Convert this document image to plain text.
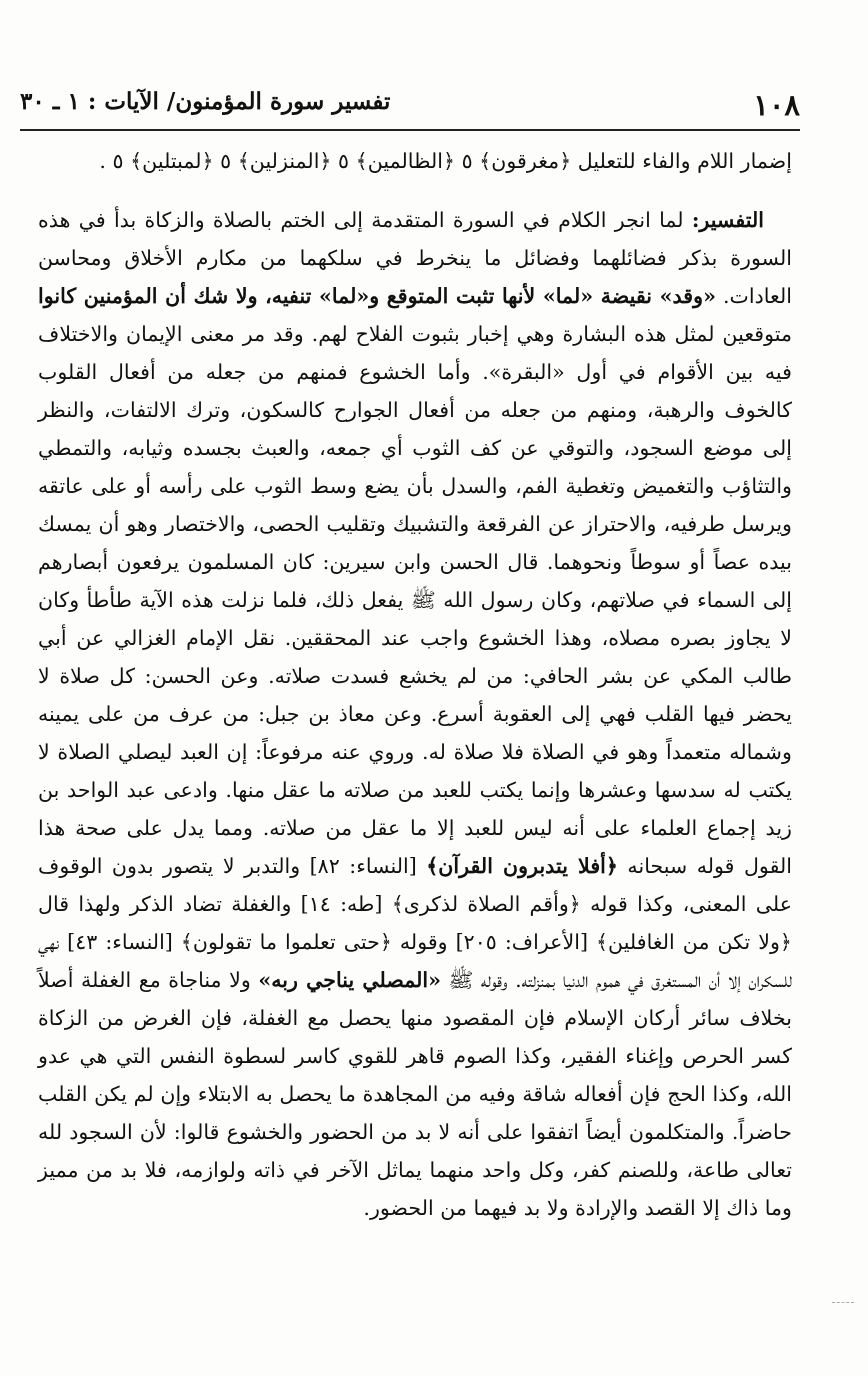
١٠٨
تفسير سورة المؤمنون/ الآيات : ١ ـ ٣٠

إضمار اللام والفاء للتعليل ﴿مغرقون﴾ ٥ ﴿الظالمين﴾ ٥ ﴿المنزلين﴾ ٥ ﴿لمبتلين﴾ ٥ .

التفسير: لما انجر الكلام في السورة المتقدمة إلى الختم بالصلاة والزكاة بدأ في هذه السورة بذكر فضائلهما وفضائل ما ينخرط في سلكهما من مكارم الأخلاق ومحاسن العادات. «وقد» نقيضة «لما» لأنها تثبت المتوقع و«لما» تنفيه، ولا شك أن المؤمنين كانوا متوقعين لمثل هذه البشارة وهي إخبار بثبوت الفلاح لهم. وقد مر معنى الإيمان والاختلاف فيه بين الأقوام في أول «البقرة». وأما الخشوع فمنهم من جعله من أفعال القلوب كالخوف والرهبة، ومنهم من جعله من أفعال الجوارح كالسكون، وترك الالتفات، والنظر إلى موضع السجود، والتوقي عن كف الثوب أي جمعه، والعبث بجسده وثيابه، والتمطي والتثاؤب والتغميض وتغطية الفم، والسدل بأن يضع وسط الثوب على رأسه أو على عاتقه ويرسل طرفيه، والاحتراز عن الفرقعة والتشبيك وتقليب الحصى، والاختصار وهو أن يمسك بيده عصاً أو سوطاً ونحوهما. قال الحسن وابن سيرين: كان المسلمون يرفعون أبصارهم إلى السماء في صلاتهم، وكان رسول الله ﷺ يفعل ذلك، فلما نزلت هذه الآية طأطأ وكان لا يجاوز بصره مصلاه، وهذا الخشوع واجب عند المحققين. نقل الإمام الغزالي عن أبي طالب المكي عن بشر الحافي: من لم يخشع فسدت صلاته. وعن الحسن: كل صلاة لا يحضر فيها القلب فهي إلى العقوبة أسرع. وعن معاذ بن جبل: من عرف من على يمينه وشماله متعمداً وهو في الصلاة فلا صلاة له. وروي عنه مرفوعاً: إن العبد ليصلي الصلاة لا يكتب له سدسها وعشرها وإنما يكتب للعبد من صلاته ما عقل منها. وادعى عبد الواحد بن زيد إجماع العلماء على أنه ليس للعبد إلا ما عقل من صلاته. ومما يدل على صحة هذا القول قوله سبحانه ﴿أفلا يتدبرون القرآن﴾ [النساء: ٨٢] والتدبر لا يتصور بدون الوقوف على المعنى، وكذا قوله ﴿وأقم الصلاة لذكرى﴾ [طه: ١٤] والغفلة تضاد الذكر ولهذا قال ﴿ولا تكن من الغافلين﴾ [الأعراف: ٢٠٥] وقوله ﴿حتى تعلموا ما تقولون﴾ [النساء: ٤٣] نهي للسكران إلا أن المستغرق في هموم الدنيا بمنزلته. وقوله ﷺ «المصلي يناجي ربه» ولا مناجاة مع الغفلة أصلاً بخلاف سائر أركان الإسلام فإن المقصود منها يحصل مع الغفلة، فإن الغرض من الزكاة كسر الحرص وإغناء الفقير، وكذا الصوم قاهر للقوي كاسر لسطوة النفس التي هي عدو الله، وكذا الحج فإن أفعاله شاقة وفيه من المجاهدة ما يحصل به الابتلاء وإن لم يكن القلب حاضراً. والمتكلمون أيضاً اتفقوا على أنه لا بد من الحضور والخشوع قالوا: لأن السجود لله تعالى طاعة، وللصنم كفر، وكل واحد منهما يماثل الآخر في ذاته ولوازمه، فلا بد من مميز وما ذاك إلا القصد والإرادة ولا بد فيهما من الحضور.
